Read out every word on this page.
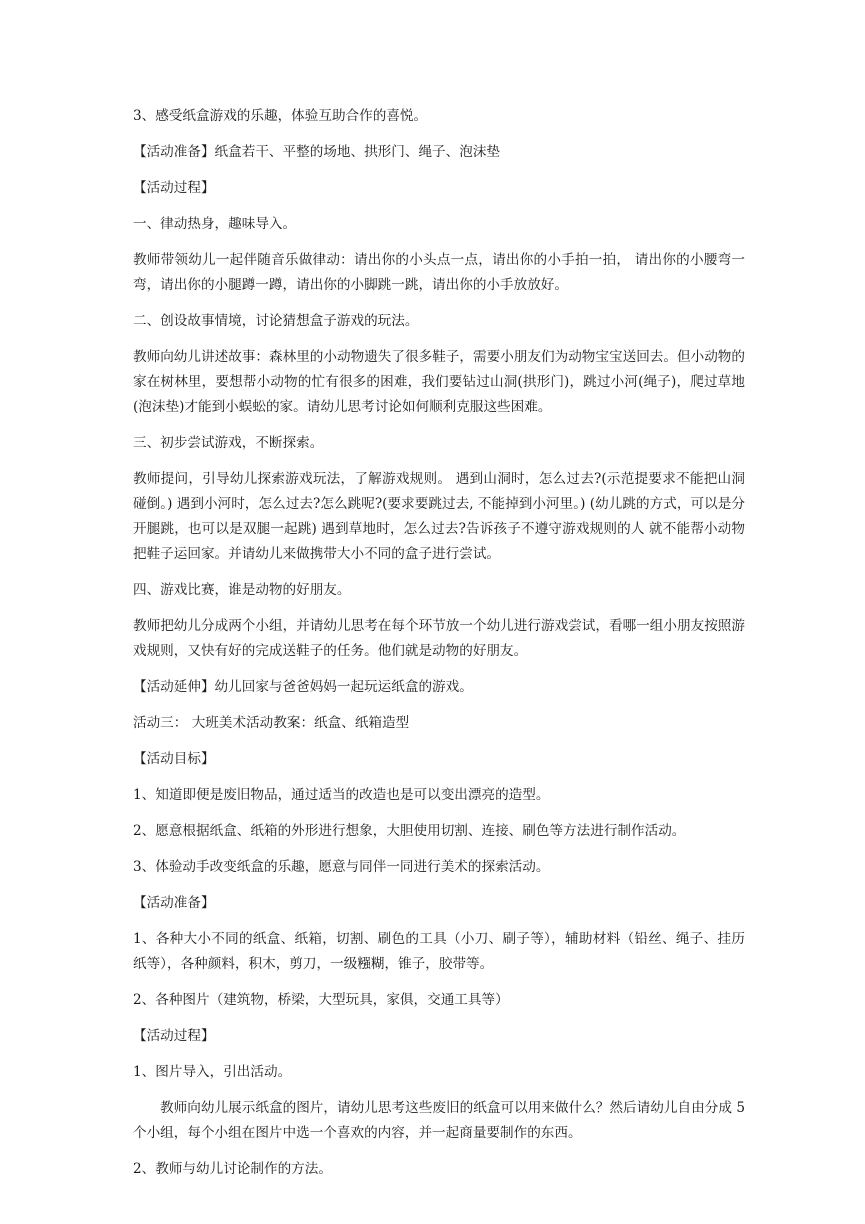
3、感受纸盒游戏的乐趣，体验互助合作的喜悦。

【活动准备】纸盒若干、平整的场地、拱形门、绳子、泡沫垫

【活动过程】

一、律动热身，趣味导入。

教师带领幼儿一起伴随音乐做律动：请出你的小头点一点，请出你的小手拍一拍， 请出你的小腰弯一弯，请出你的小腿蹲一蹲，请出你的小脚跳一跳，请出你的小手放放好。

二、创设故事情境，讨论猜想盒子游戏的玩法。

教师向幼儿讲述故事：森林里的小动物遗失了很多鞋子，需要小朋友们为动物宝宝送回去。但小动物的家在树林里，要想帮小动物的忙有很多的困难，我们要钻过山洞(拱形门)，跳过小河(绳子)，爬过草地(泡沫垫)才能到小蜈蚣的家。请幼儿思考讨论如何顺利克服这些困难。

三、初步尝试游戏，不断探索。

教师提问，引导幼儿探索游戏玩法，了解游戏规则。 遇到山洞时，怎么过去?(示范提要求不能把山洞碰倒。) 遇到小河时，怎么过去?怎么跳呢?(要求要跳过去, 不能掉到小河里。) (幼儿跳的方式，可以是分开腿跳，也可以是双腿一起跳) 遇到草地时，怎么过去?告诉孩子不遵守游戏规则的人 就不能帮小动物把鞋子运回家。并请幼儿来做携带大小不同的盒子进行尝试。

四、游戏比赛，谁是动物的好朋友。

教师把幼儿分成两个小组，并请幼儿思考在每个环节放一个幼儿进行游戏尝试，看哪一组小朋友按照游戏规则，又快有好的完成送鞋子的任务。他们就是动物的好朋友。

【活动延伸】幼儿回家与爸爸妈妈一起玩运纸盒的游戏。

活动三： 大班美术活动教案：纸盒、纸箱造型

【活动目标】

1、知道即便是废旧物品，通过适当的改造也是可以变出漂亮的造型。

2、愿意根据纸盒、纸箱的外形进行想象，大胆使用切割、连接、刷色等方法进行制作活动。

3、体验动手改变纸盒的乐趣，愿意与同伴一同进行美术的探索活动。

【活动准备】

1、各种大小不同的纸盒、纸箱，切割、刷色的工具（小刀、刷子等），辅助材料（铅丝、绳子、挂历纸等），各种颜料，积木，剪刀，一级糨糊，锥子，胶带等。

2、各种图片（建筑物，桥梁，大型玩具，家俱，交通工具等）

【活动过程】

1、图片导入，引出活动。

教师向幼儿展示纸盒的图片，请幼儿思考这些废旧的纸盒可以用来做什么？然后请幼儿自由分成 5 个小组，每个小组在图片中选一个喜欢的内容，并一起商量要制作的东西。

2、教师与幼儿讨论制作的方法。
